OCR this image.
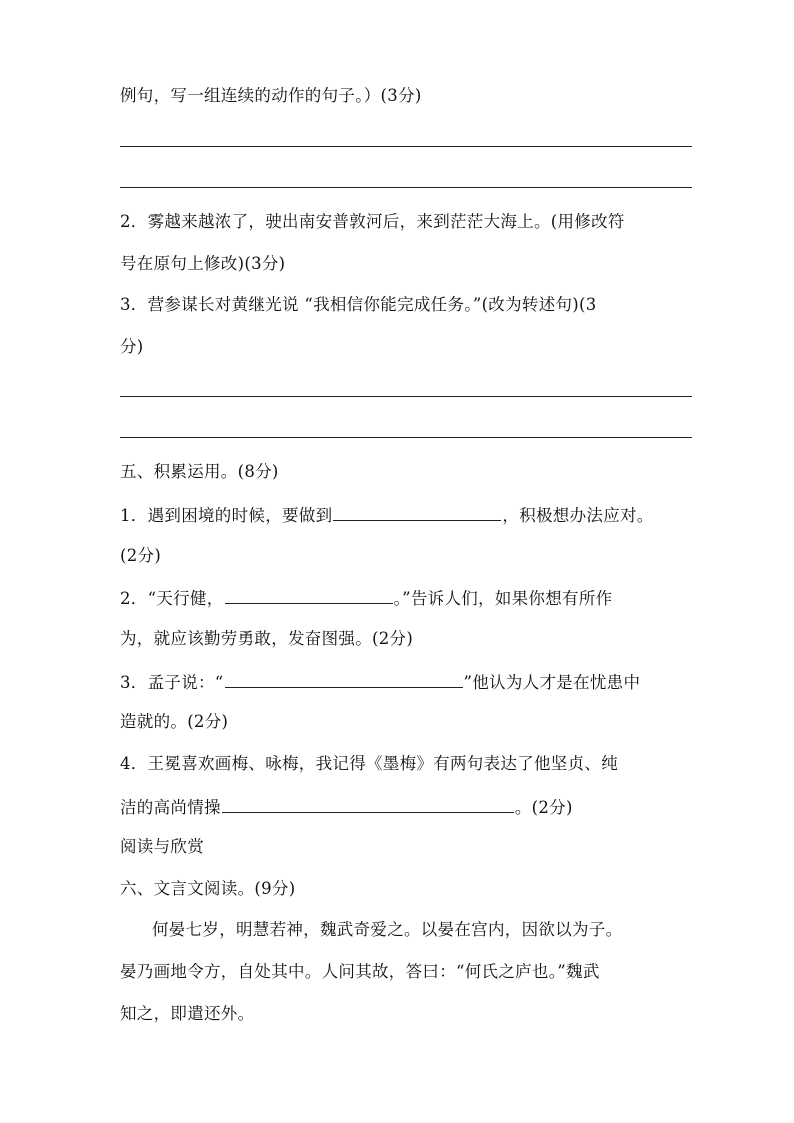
例句，写一组连续的动作的句子。）(3分)
2．雾越来越浓了，驶出南安普敦河后，来到茫茫大海上。(用修改符
号在原句上修改)(3分)
3．营参谋长对黄继光说 “我相信你能完成任务。”(改为转述句)(3
分)
五、积累运用。(8分)
1．遇到困境的时候，要做到	，积极想办法应对。
(2分)
2．“天行健，	。”告诉人们，如果你想有所作
为，就应该勤劳勇敢，发奋图强。(2分)
3．孟子说：“	”他认为人才是在忧患中
造就的。(2分)
4．王冕喜欢画梅、咏梅，我记得《墨梅》有两句表达了他坚贞、纯
洁的高尚情操	。(2分)
阅读与欣赏
六、文言文阅读。(9分)
何晏七岁，明慧若神，魏武奇爱之。以晏在宫内，因欲以为子。
晏乃画地令方，自处其中。人问其故，答曰：“何氏之庐也。”魏武
知之，即遣还外。
